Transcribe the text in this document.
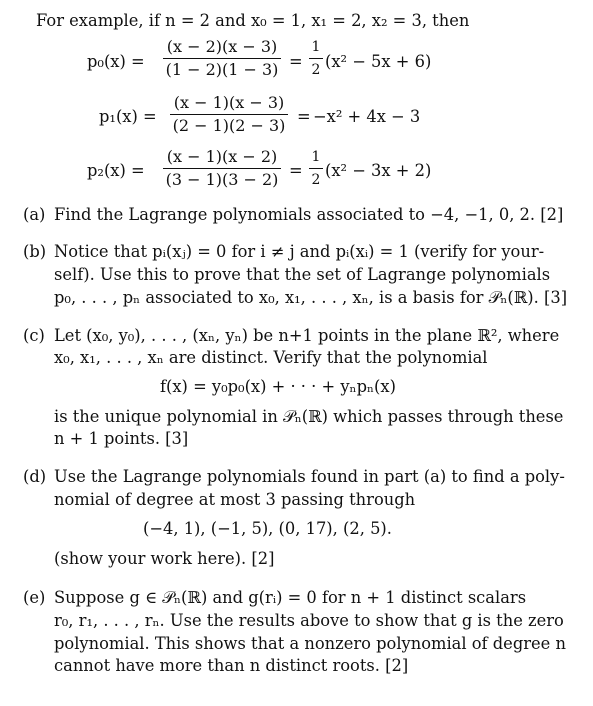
For example, if n = 2 and x₀ = 1, x₁ = 2, x₂ = 3, then
$p_0(x) = \frac{(x - 2)(x - 3)}{(1 - 2)(1 - 3)} = \frac{1}{2} (x^2 - 5x + 6)$
$p_1(x) = \frac{(x - 1)(x - 3)}{(2 - 1)(2 - 3)} = -x^2 + 4x - 3$
$p_2(x) = \frac{(x - 1)(x - 2)}{(3 - 1)(3 - 2)} = \frac{1}{2} (x^2 - 3x + 2)$
(a) Find the Lagrange polynomials associated to −4, −1, 0, 2. [2]
(b) Notice that pᵢ(xⱼ) = 0 for i ≠ j and pᵢ(xᵢ) = 1 (verify for your-
self). Use this to prove that the set of Lagrange polynomials
p₀, . . . , pₙ associated to x₀, x₁, . . . , xₙ, is a basis for 𝒫ₙ(ℝ). [3]
(c) Let (x₀, y₀), . . . , (xₙ, yₙ) be n+1 points in the plane ℝ², where
x₀, x₁, . . . , xₙ are distinct. Verify that the polynomial
f(x) = y₀p₀(x) + · · · + yₙpₙ(x)
is the unique polynomial in 𝒫ₙ(ℝ) which passes through these
n + 1 points. [3]
(d) Use the Lagrange polynomials found in part (a) to find a poly-
nomial of degree at most 3 passing through
(−4, 1), (−1, 5), (0, 17), (2, 5).
(show your work here). [2]
(e) Suppose g ∈ 𝒫ₙ(ℝ) and g(rᵢ) = 0 for n + 1 distinct scalars
r₀, r₁, . . . , rₙ. Use the results above to show that g is the zero
polynomial. This shows that a nonzero polynomial of degree n
cannot have more than n distinct roots. [2]
